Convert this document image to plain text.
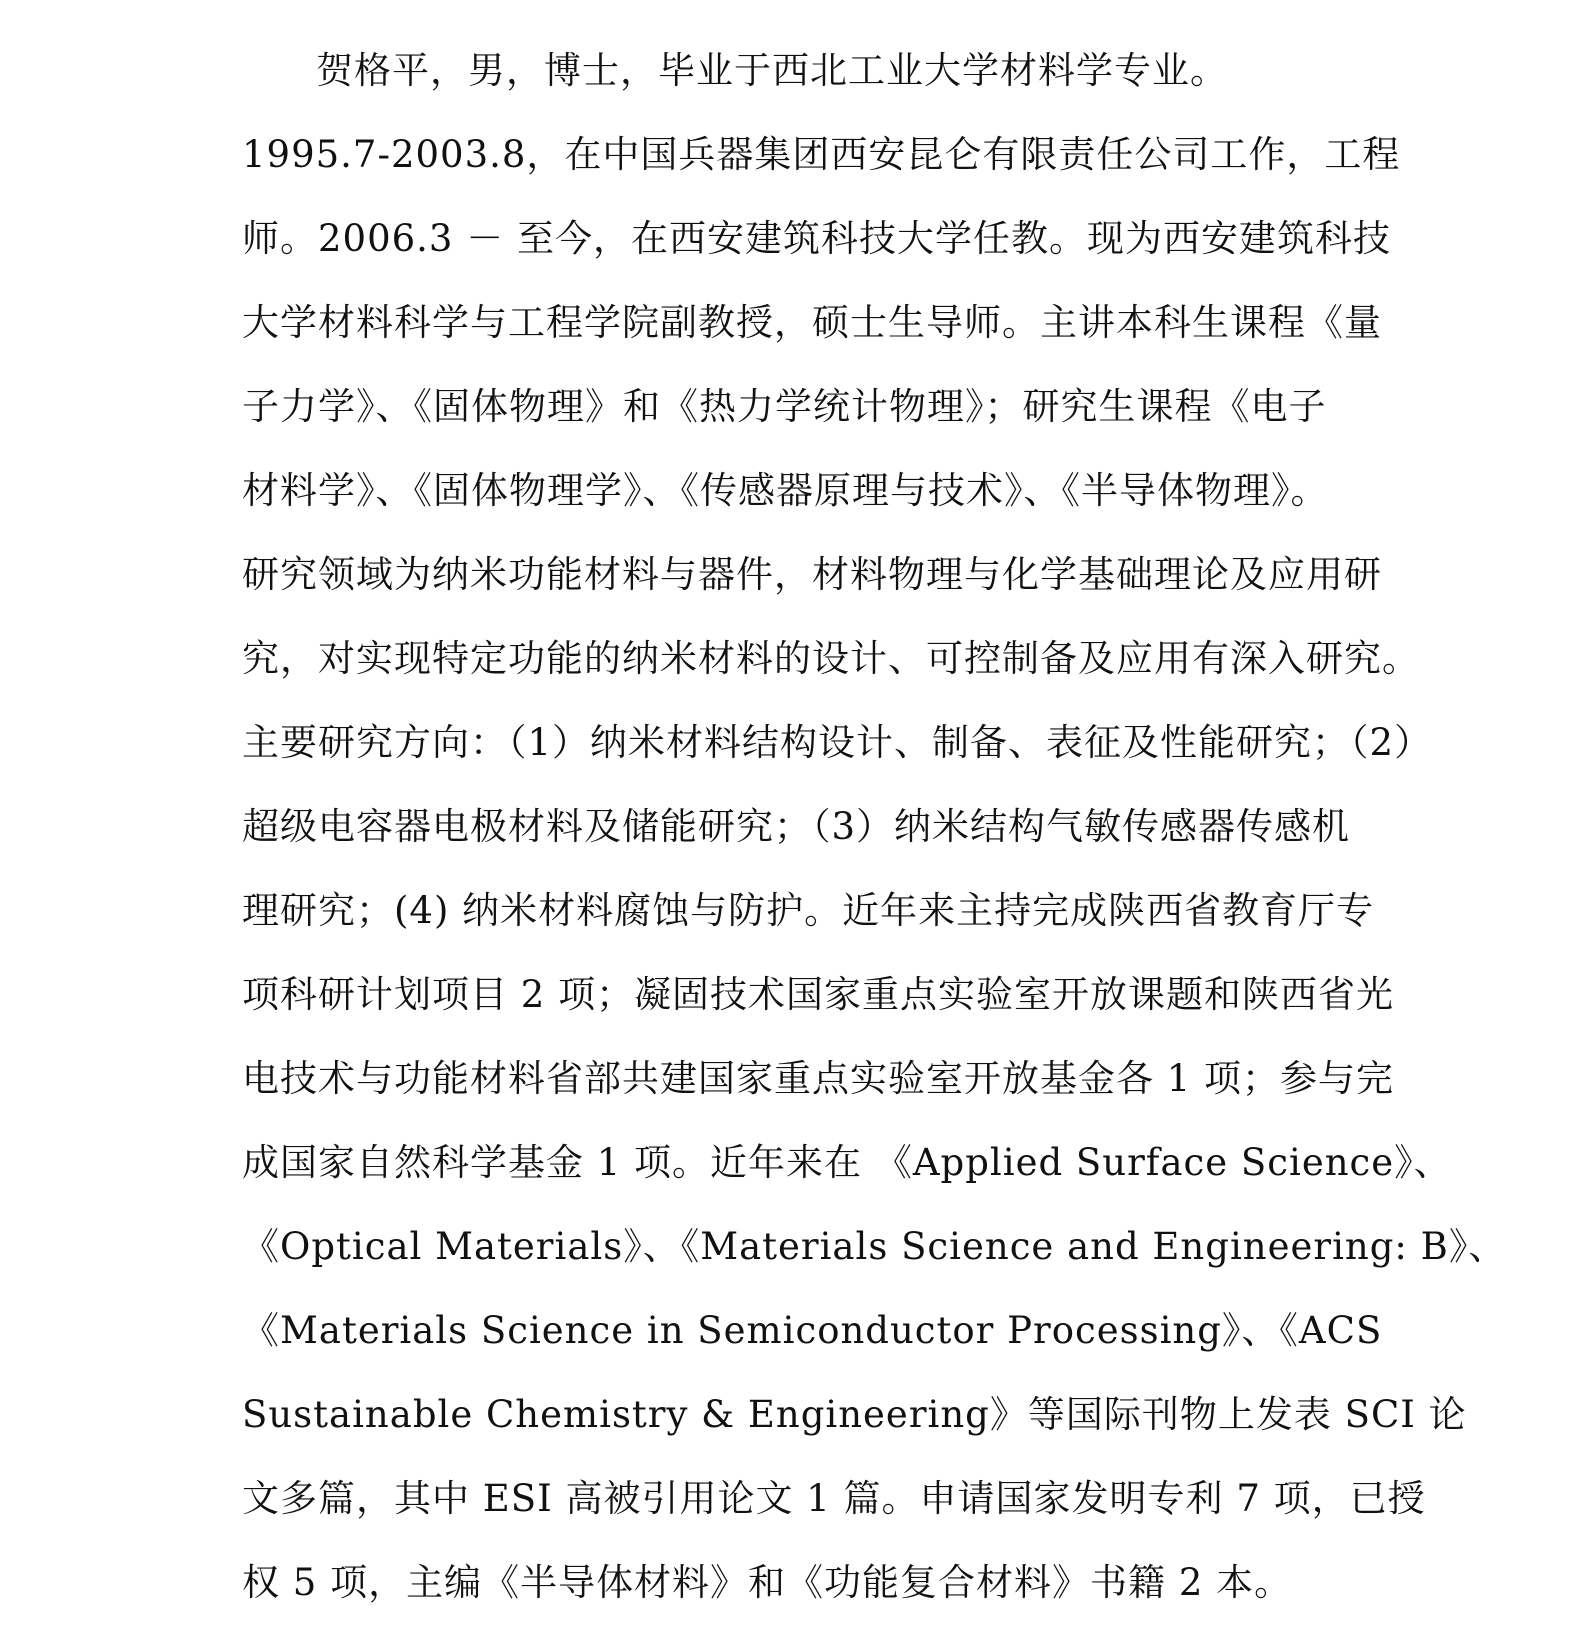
贺格平，男，博士，毕业于西北工业大学材料学专业。
1995.7-2003.8，在中国兵器集团西安昆仑有限责任公司工作，工程
师。2006.3 － 至今，在西安建筑科技大学任教。现为西安建筑科技
大学材料科学与工程学院副教授，硕士生导师。主讲本科生课程《量
子力学》、《固体物理》和《热力学统计物理》；研究生课程《电子
材料学》、《固体物理学》、《传感器原理与技术》、《半导体物理》。
研究领域为纳米功能材料与器件，材料物理与化学基础理论及应用研
究，对实现特定功能的纳米材料的设计、可控制备及应用有深入研究。
主要研究方向：（1）纳米材料结构设计、制备、表征及性能研究；（2）
超级电容器电极材料及储能研究；（3）纳米结构气敏传感器传感机
理研究；(4) 纳米材料腐蚀与防护。近年来主持完成陕西省教育厅专
项科研计划项目 2 项；凝固技术国家重点实验室开放课题和陕西省光
电技术与功能材料省部共建国家重点实验室开放基金各 1 项；参与完
成国家自然科学基金 1 项。近年来在 《Applied Surface Science》、
《Optical Materials》、《Materials Science and Engineering: B》、
《Materials Science in Semiconductor Processing》、《ACS
Sustainable Chemistry & Engineering》等国际刊物上发表 SCI 论
文多篇，其中 ESI 高被引用论文 1 篇。申请国家发明专利 7 项，已授
权 5 项，主编《半导体材料》和《功能复合材料》书籍 2 本。
